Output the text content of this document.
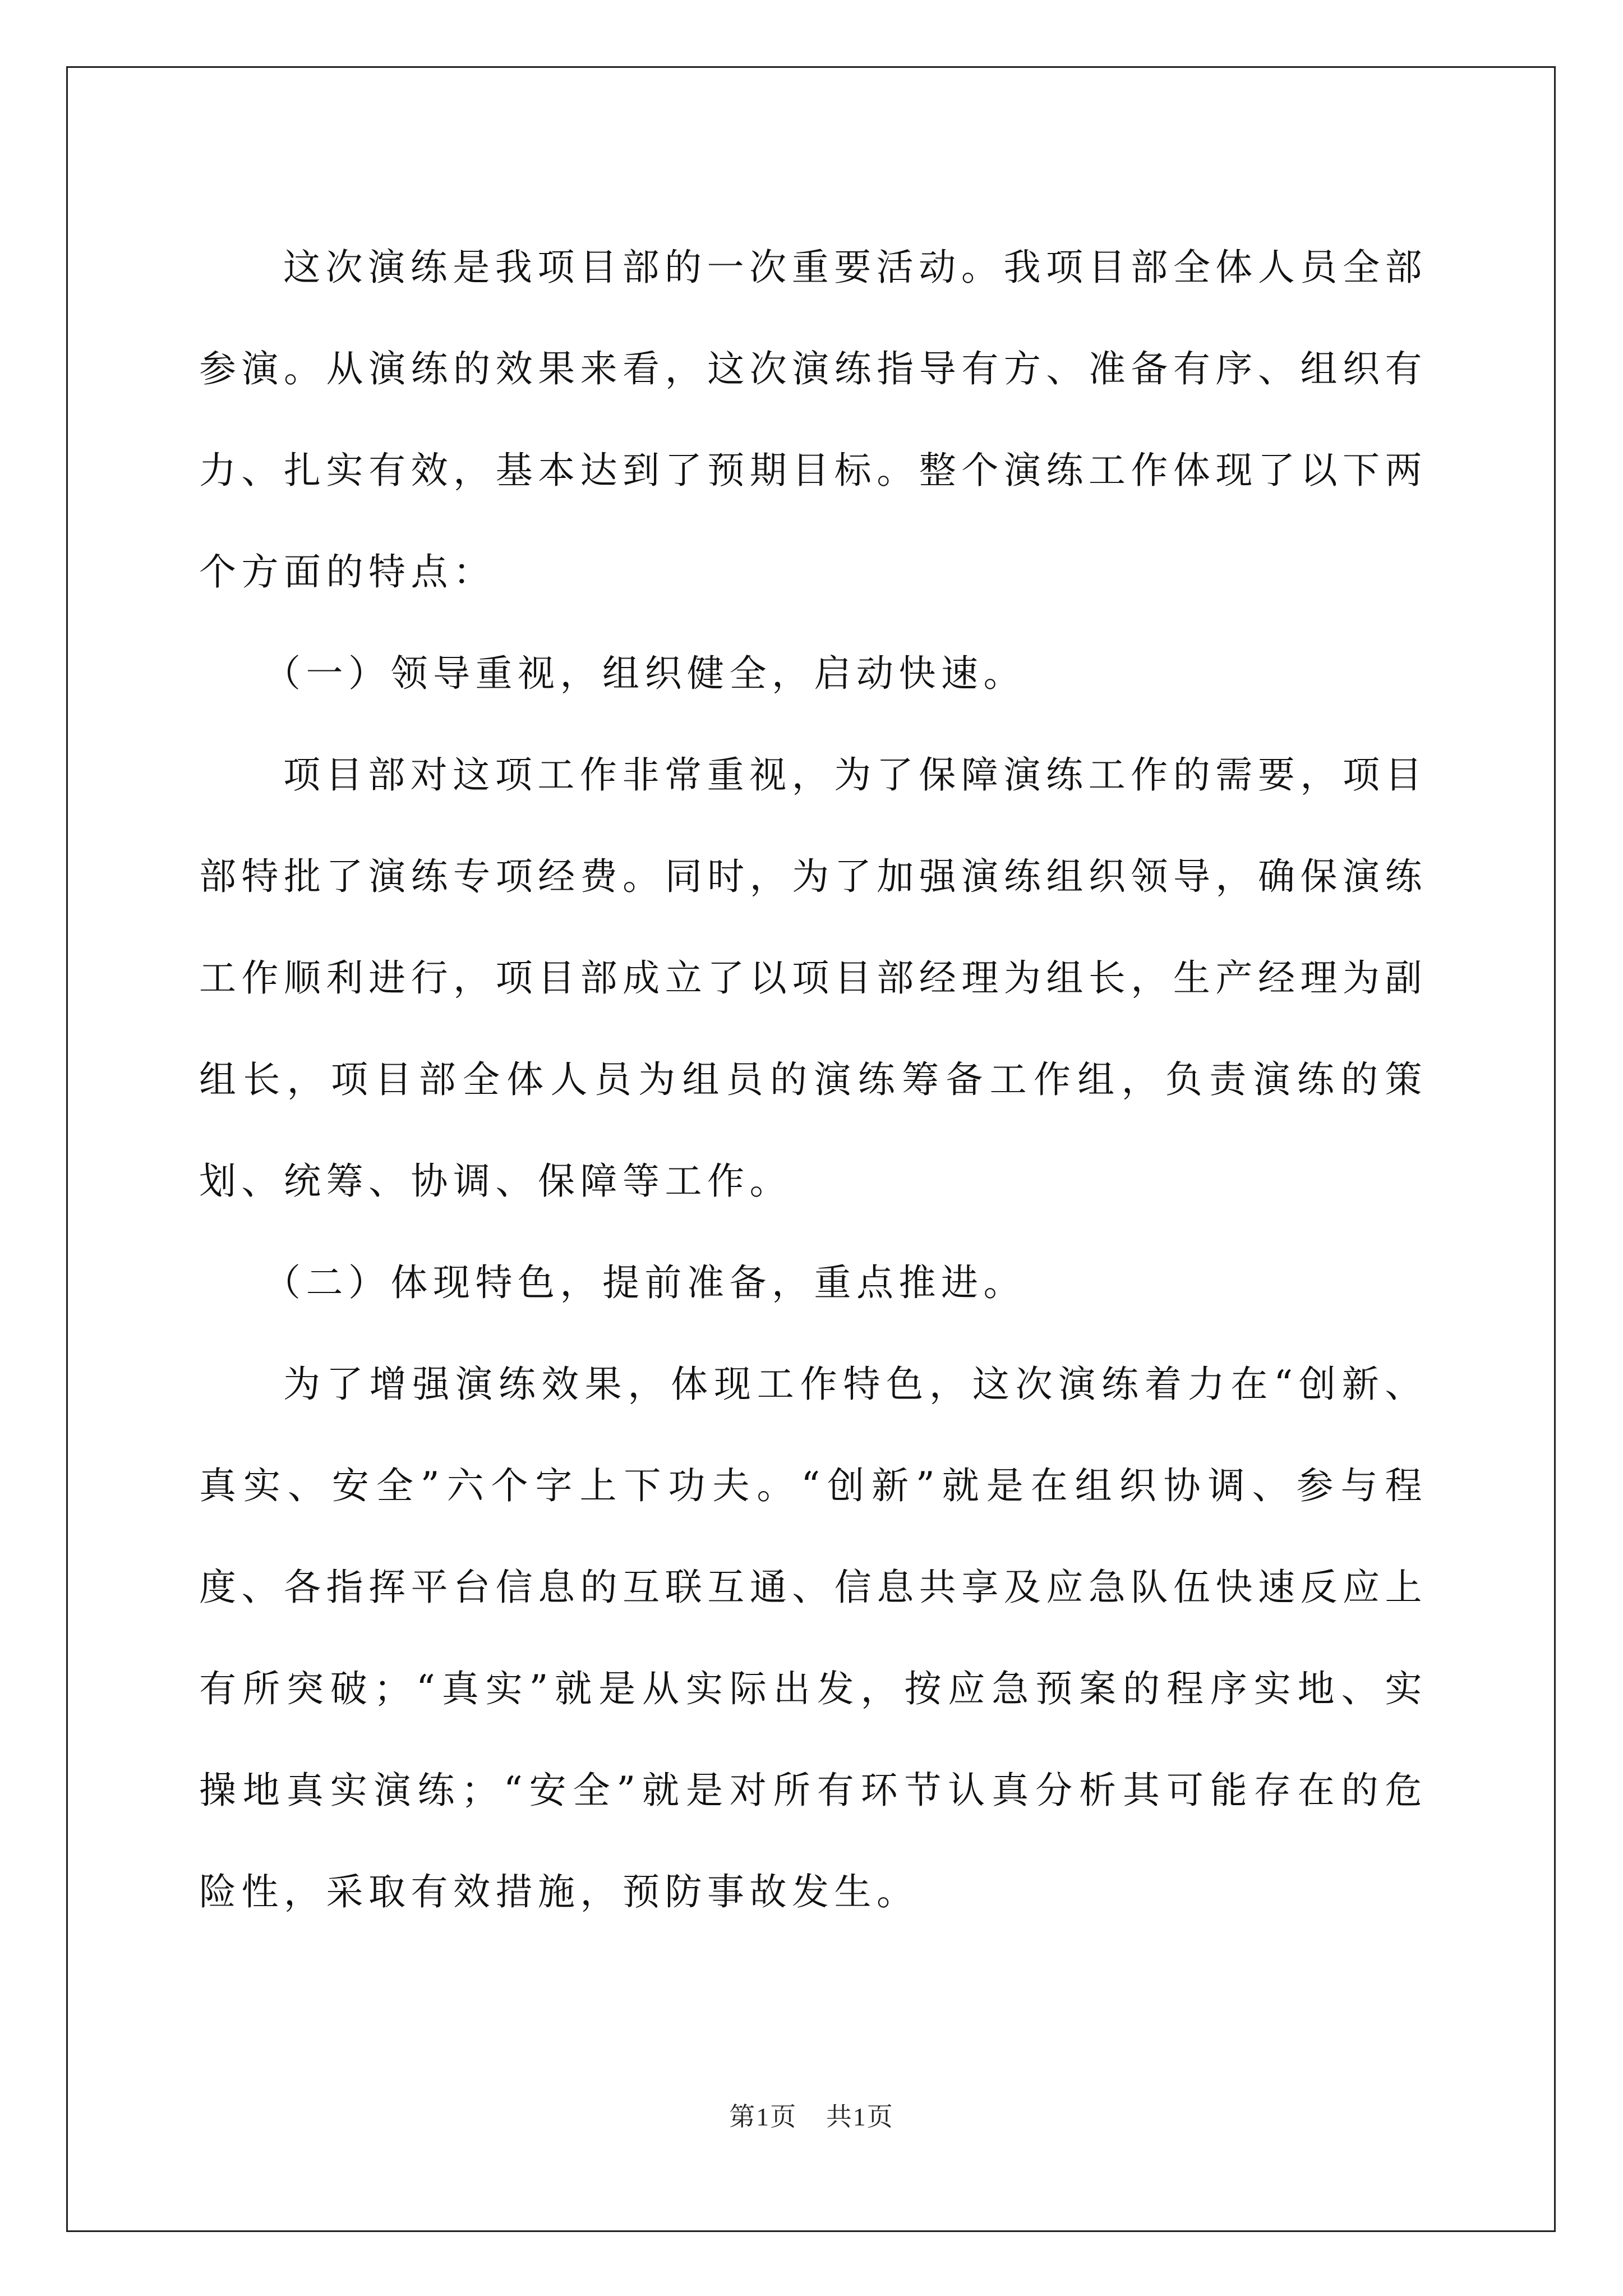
这次演练是我项目部的一次重要活动。我项目部全体人员全部参演。从演练的效果来看，这次演练指导有方、准备有序、组织有力、扎实有效，基本达到了预期目标。整个演练工作体现了以下两个方面的特点：

（一）领导重视，组织健全，启动快速。

项目部对这项工作非常重视，为了保障演练工作的需要，项目部特批了演练专项经费。同时，为了加强演练组织领导，确保演练工作顺利进行，项目部成立了以项目部经理为组长，生产经理为副组长，项目部全体人员为组员的演练筹备工作组，负责演练的策划、统筹、协调、保障等工作。

（二）体现特色，提前准备，重点推进。

为了增强演练效果，体现工作特色，这次演练着力在“创新、真实、安全”六个字上下功夫。“创新”就是在组织协调、参与程度、各指挥平台信息的互联互通、信息共享及应急队伍快速反应上有所突破；“真实”就是从实际出发，按应急预案的程序实地、实操地真实演练；“安全”就是对所有环节认真分析其可能存在的危险性，采取有效措施，预防事故发生。

第1页 共1页
